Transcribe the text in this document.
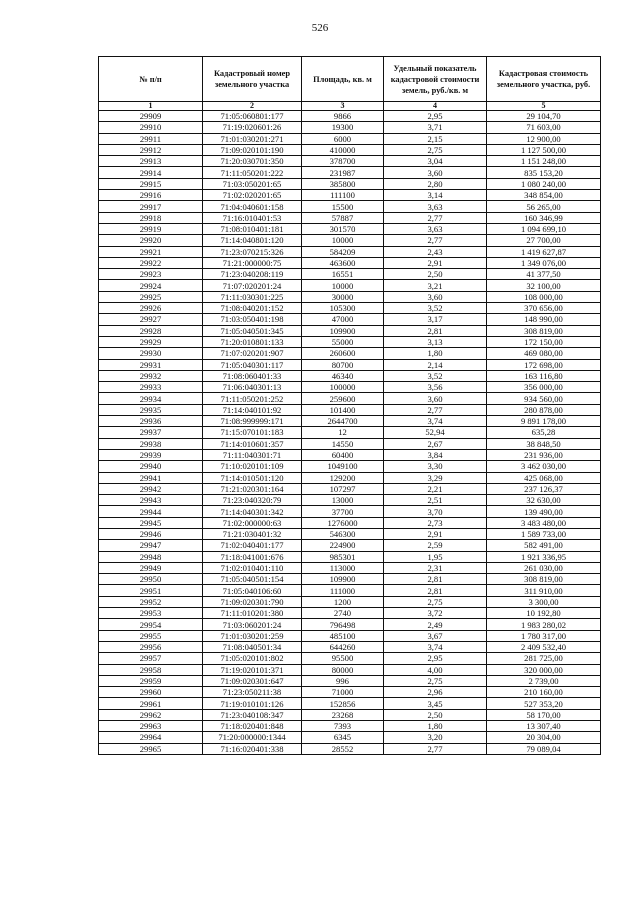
526
№ п/п	Кадастровый номер земельного участка	Площадь, кв. м	Удельный показатель кадастровой стоимости земель, руб./кв. м	Кадастровая стоимость земельного участка, руб.
1	2	3	4	5
29909	71:05:060801:177	9866	2,95	29 104,70
29910	71:19:020601:26	19300	3,71	71 603,00
29911	71:01:030201:271	6000	2,15	12 900,00
29912	71:09:020101:190	410000	2,75	1 127 500,00
29913	71:20:030701:350	378700	3,04	1 151 248,00
29914	71:11:050201:222	231987	3,60	835 153,20
29915	71:03:050201:65	385800	2,80	1 080 240,00
29916	71:02:020201:65	111100	3,14	348 854,00
29917	71:04:040601:158	15500	3,63	56 265,00
29918	71:16:010401:53	57887	2,77	160 346,99
29919	71:08:010401:181	301570	3,63	1 094 699,10
29920	71:14:040801:120	10000	2,77	27 700,00
29921	71:23:070215:326	584209	2,43	1 419 627,87
29922	71:21:000000:75	463600	2,91	1 349 076,00
29923	71:23:040208:119	16551	2,50	41 377,50
29924	71:07:020201:24	10000	3,21	32 100,00
29925	71:11:030301:225	30000	3,60	108 000,00
29926	71:08:040201:152	105300	3,52	370 656,00
29927	71:03:050401:198	47000	3,17	148 990,00
29928	71:05:040501:345	109900	2,81	308 819,00
29929	71:20:010801:133	55000	3,13	172 150,00
29930	71:07:020201:907	260600	1,80	469 080,00
29931	71:05:040301:117	80700	2,14	172 698,00
29932	71:08:060401:33	46340	3,52	163 116,80
29933	71:06:040301:13	100000	3,56	356 000,00
29934	71:11:050201:252	259600	3,60	934 560,00
29935	71:14:040101:92	101400	2,77	280 878,00
29936	71:08:999999:171	2644700	3,74	9 891 178,00
29937	71:15:070101:183	12	52,94	635,28
29938	71:14:010601:357	14550	2,67	38 848,50
29939	71:11:040301:71	60400	3,84	231 936,00
29940	71:10:020101:109	1049100	3,30	3 462 030,00
29941	71:14:010501:120	129200	3,29	425 068,00
29942	71:21:020301:164	107297	2,21	237 126,37
29943	71:23:040320:79	13000	2,51	32 630,00
29944	71:14:040301:342	37700	3,70	139 490,00
29945	71:02:000000:63	1276000	2,73	3 483 480,00
29946	71:21:030401:32	546300	2,91	1 589 733,00
29947	71:02:040401:177	224900	2,59	582 491,00
29948	71:18:041001:676	985301	1,95	1 921 336,95
29949	71:02:010401:110	113000	2,31	261 030,00
29950	71:05:040501:154	109900	2,81	308 819,00
29951	71:05:040106:60	111000	2,81	311 910,00
29952	71:09:020301:790	1200	2,75	3 300,00
29953	71:11:010201:380	2740	3,72	10 192,80
29954	71:03:060201:24	796498	2,49	1 983 280,02
29955	71:01:030201:259	485100	3,67	1 780 317,00
29956	71:08:040501:34	644260	3,74	2 409 532,40
29957	71:05:020101:802	95500	2,95	281 725,00
29958	71:19:020101:371	80000	4,00	320 000,00
29959	71:09:020301:647	996	2,75	2 739,00
29960	71:23:050211:38	71000	2,96	210 160,00
29961	71:19:010101:126	152856	3,45	527 353,20
29962	71:23:040108:347	23268	2,50	58 170,00
29963	71:18:020401:848	7393	1,80	13 307,40
29964	71:20:000000:1344	6345	3,20	20 304,00
29965	71:16:020401:338	28552	2,77	79 089,04
